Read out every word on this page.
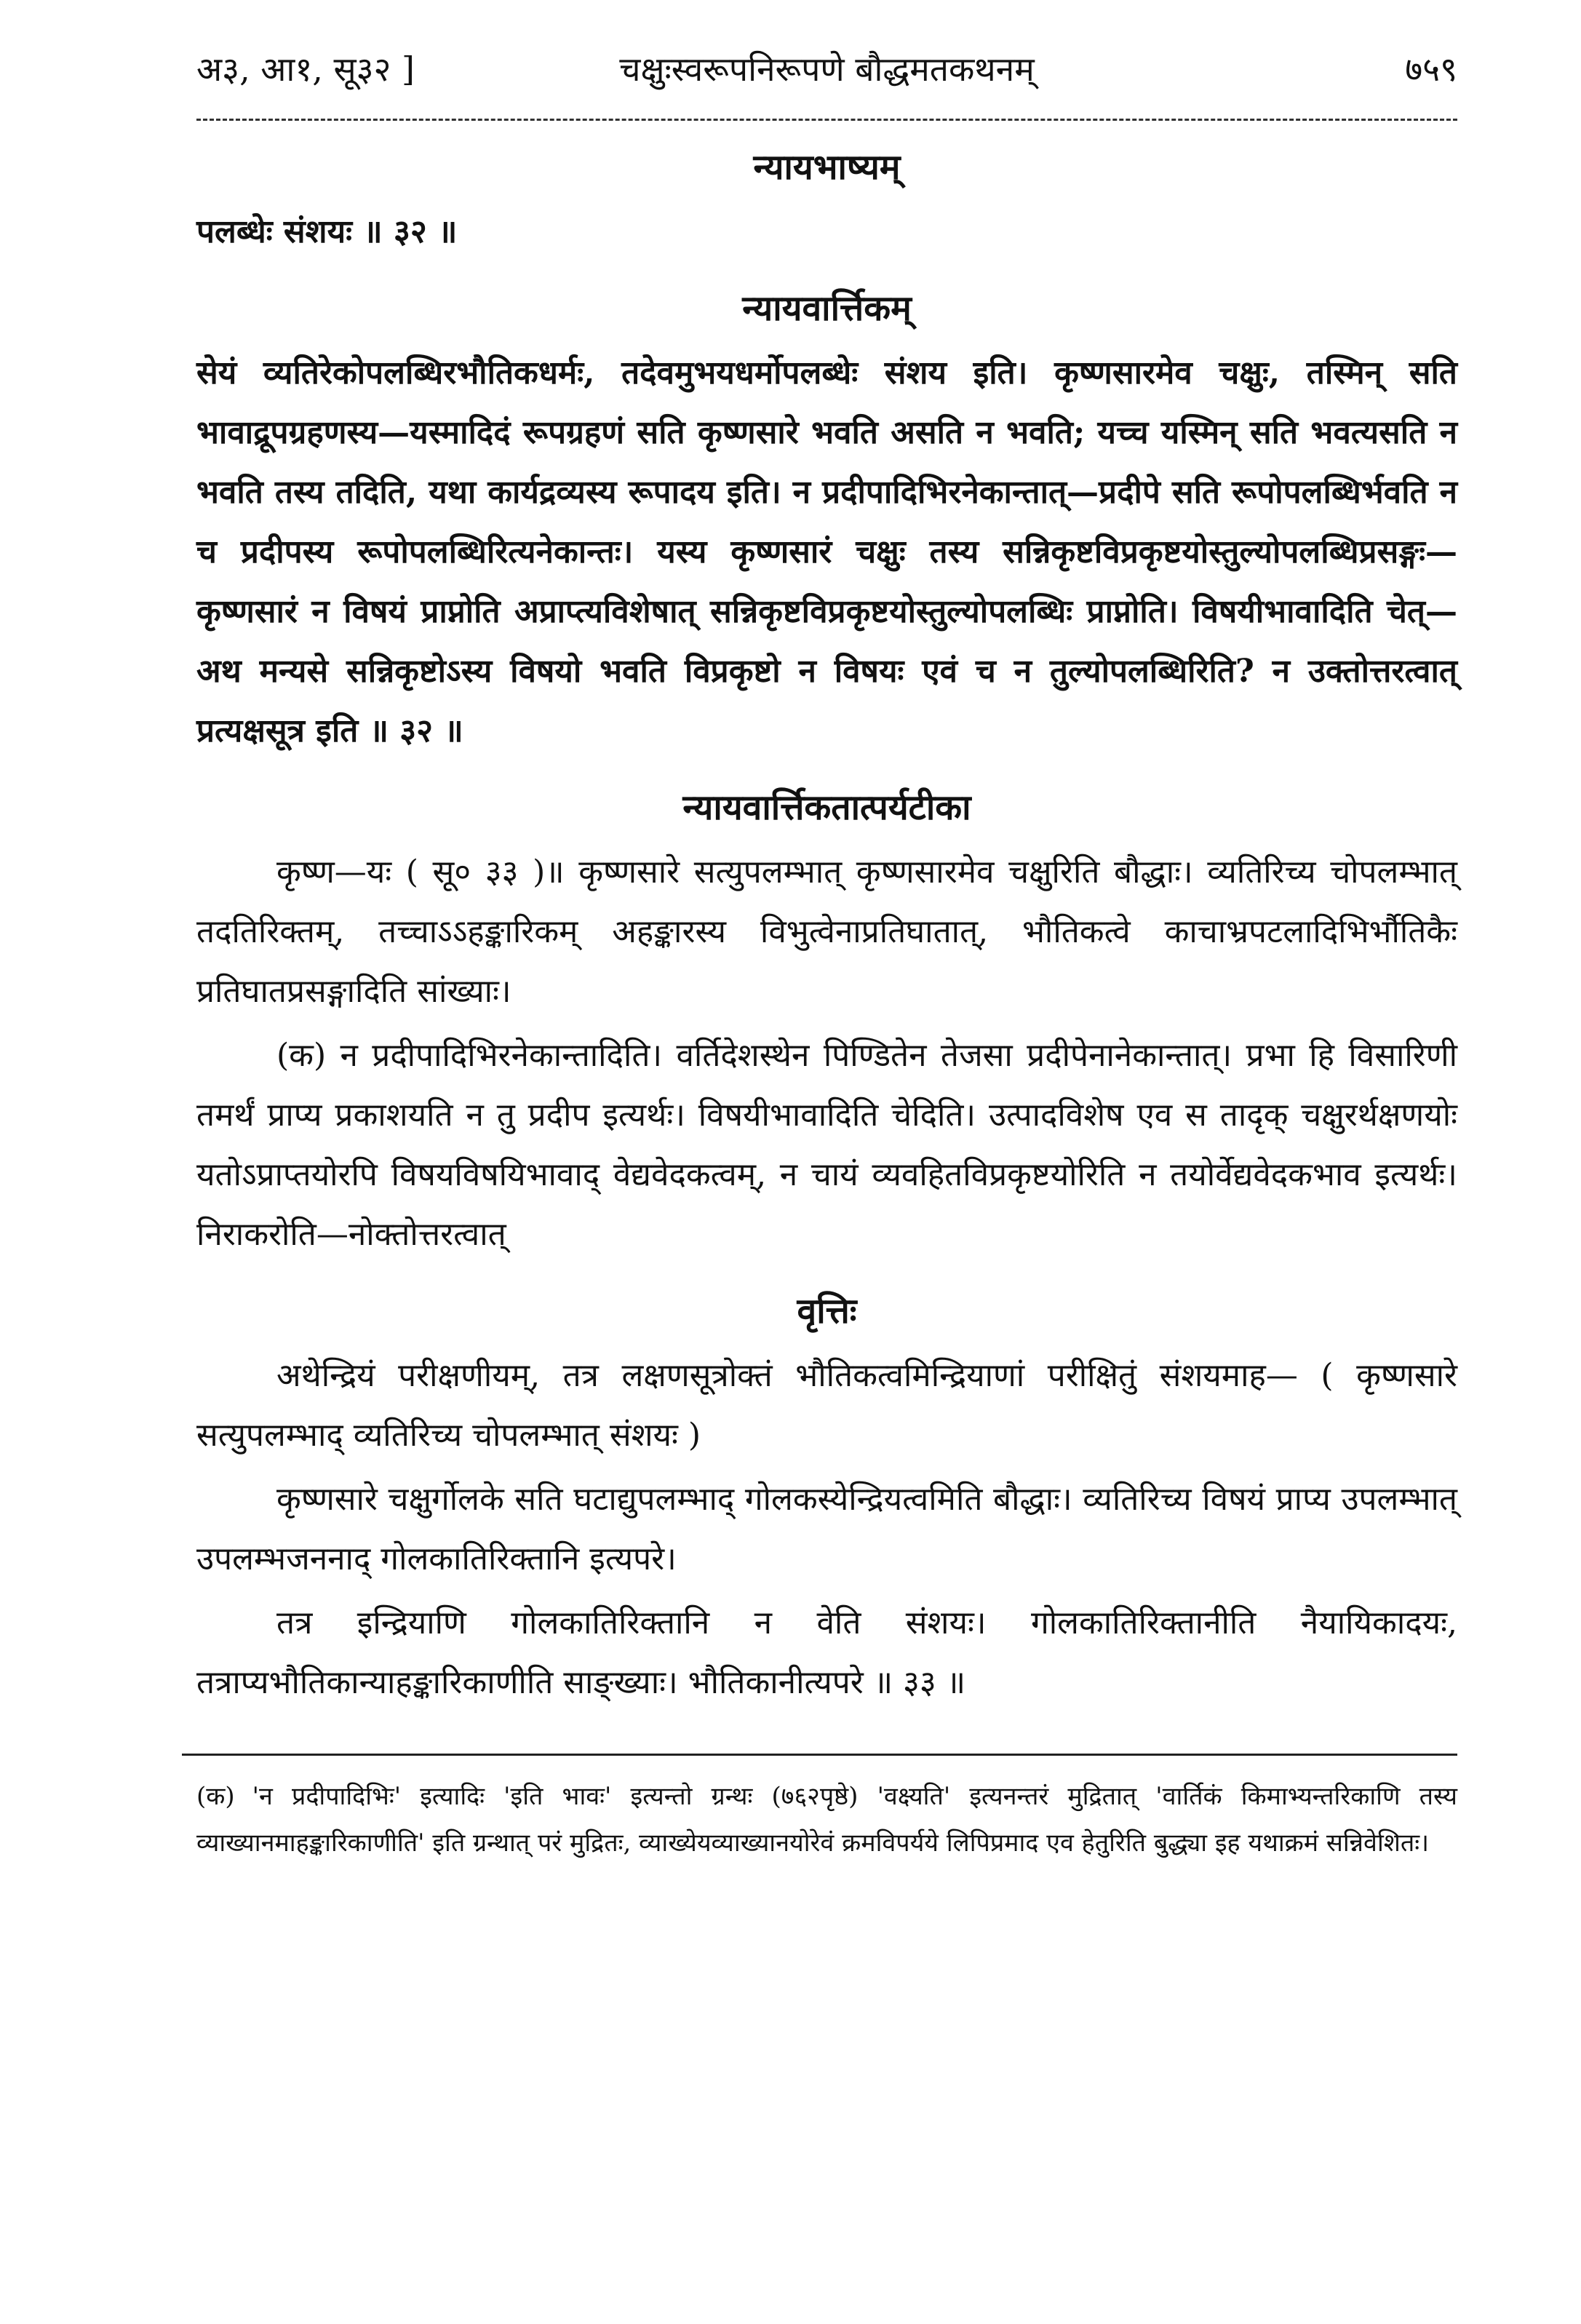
अ३, आ१, सू३२ ]	चक्षुःस्वरूपनिरूपणे बौद्धमतकथनम्	७५९
न्यायभाष्यम्

पलब्धेः संशयः ॥ ३२ ॥

न्यायवार्त्तिकम्

सेयं व्यतिरेकोपलब्धिरभौतिकधर्मः, तदेवमुभयधर्मोपलब्धेः संशय इति। कृष्णसारमेव चक्षुः, तस्मिन् सति भावाद्रूपग्रहणस्य—यस्मादिदं रूपग्रहणं सति कृष्णसारे भवति असति न भवति; यच्च यस्मिन् सति भवत्यसति न भवति तस्य तदिति, यथा कार्यद्रव्यस्य रूपादय इति। न प्रदीपादिभिरनेकान्तात्—प्रदीपे सति रूपोपलब्धिर्भवति न च प्रदीपस्य रूपोपलब्धिरित्यनेकान्तः। यस्य कृष्णसारं चक्षुः तस्य सन्निकृष्टविप्रकृष्टयोस्तुल्योपलब्धिप्रसङ्गः—कृष्णसारं न विषयं प्राप्नोति अप्राप्त्यविशेषात् सन्निकृष्टविप्रकृष्टयोस्तुल्योपलब्धिः प्राप्नोति। विषयीभावादिति चेत्—अथ मन्यसे सन्निकृष्टोऽस्य विषयो भवति विप्रकृष्टो न विषयः एवं च न तुल्योपलब्धिरिति? न उक्तोत्तरत्वात् प्रत्यक्षसूत्र इति ॥ ३२ ॥

न्यायवार्त्तिकतात्पर्यटीका

कृष्ण—यः ( सू० ३३ )॥ कृष्णसारे सत्युपलम्भात् कृष्णसारमेव चक्षुरिति बौद्धाः। व्यतिरिच्य चोपलम्भात् तदतिरिक्तम्, तच्चाऽऽहङ्कारिकम् अहङ्कारस्य विभुत्वेनाप्रतिघातात्, भौतिकत्वे काचाभ्रपटलादिभिर्भौतिकैः प्रतिघातप्रसङ्गादिति सांख्याः।

(क) न प्रदीपादिभिरनेकान्तादिति। वर्तिदेशस्थेन पिण्डितेन तेजसा प्रदीपेनानेकान्तात्। प्रभा हि विसारिणी तमर्थं प्राप्य प्रकाशयति न तु प्रदीप इत्यर्थः। विषयीभावादिति चेदिति। उत्पादविशेष एव स तादृक् चक्षुरर्थक्षणयोः यतोऽप्राप्तयोरपि विषयविषयिभावाद् वेद्यवेदकत्वम्, न चायं व्यवहितविप्रकृष्टयोरिति न तयोर्वेद्यवेदकभाव इत्यर्थः। निराकरोति—नोक्तोत्तरत्वात्

वृत्तिः

अथेन्द्रियं परीक्षणीयम्, तत्र लक्षणसूत्रोक्तं भौतिकत्वमिन्द्रियाणां परीक्षितुं संशयमाह— ( कृष्णसारे सत्युपलम्भाद् व्यतिरिच्य चोपलम्भात् संशयः )

कृष्णसारे चक्षुर्गोलके सति घटाद्युपलम्भाद् गोलकस्येन्द्रियत्वमिति बौद्धाः। व्यतिरिच्य विषयं प्राप्य उपलम्भात् उपलम्भजननाद् गोलकातिरिक्तानि इत्यपरे।

तत्र इन्द्रियाणि गोलकातिरिक्तानि न वेति संशयः। गोलकातिरिक्तानीति नैयायिकादयः, तत्राप्यभौतिकान्याहङ्कारिकाणीति साङ्ख्याः। भौतिकानीत्यपरे ॥ ३३ ॥

(क) 'न प्रदीपादिभिः' इत्यादिः 'इति भावः' इत्यन्तो ग्रन्थः (७६२पृष्ठे) 'वक्ष्यति' इत्यनन्तरं मुद्रितात् 'वार्तिकं किमाभ्यन्तरिकाणि तस्य व्याख्यानमाहङ्कारिकाणीति' इति ग्रन्थात् परं मुद्रितः, व्याख्येयव्याख्यानयोरेवं क्रमविपर्यये लिपिप्रमाद एव हेतुरिति बुद्ध्या इह यथाक्रमं सन्निवेशितः।
